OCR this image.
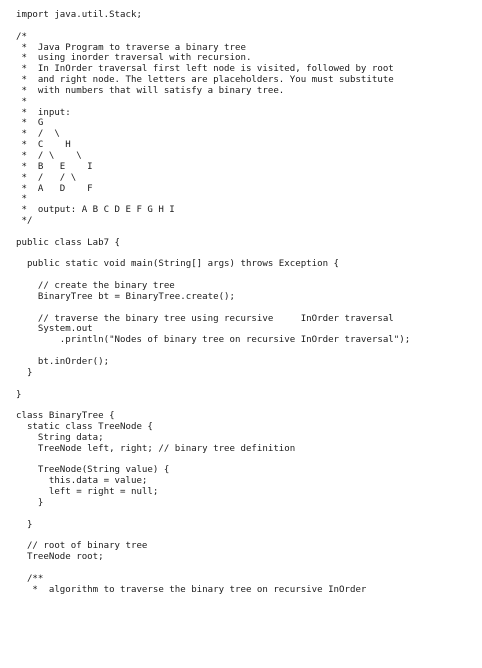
import java.util.Stack;
/*
*  Java Program to traverse a binary tree
*  using inorder traversal with recursion.
*  In InOrder traversal first left node is visited, followed by root
*  and right node. The letters are placeholders. You must substitute
*  with numbers that will satisfy a binary tree.
*
*  input:
*  G
*  /  \
*  C    H
*  / \    \
*  B   E    I
*  /   / \
*  A   D    F
*
*  output: A B C D E F G H I
*/
public class Lab7 {
public static void main(String[] args) throws Exception {
// create the binary tree
BinaryTree bt = BinaryTree.create();
// traverse the binary tree using recursive     InOrder traversal
System.out
.println("Nodes of binary tree on recursive InOrder traversal");
bt.inOrder();
}
}
class BinaryTree {
static class TreeNode {
String data;
TreeNode left, right; // binary tree definition
TreeNode(String value) {
this.data = value;
left = right = null;
}
}
// root of binary tree
TreeNode root;
/**
*  algorithm to traverse the binary tree on recursive InOrder
